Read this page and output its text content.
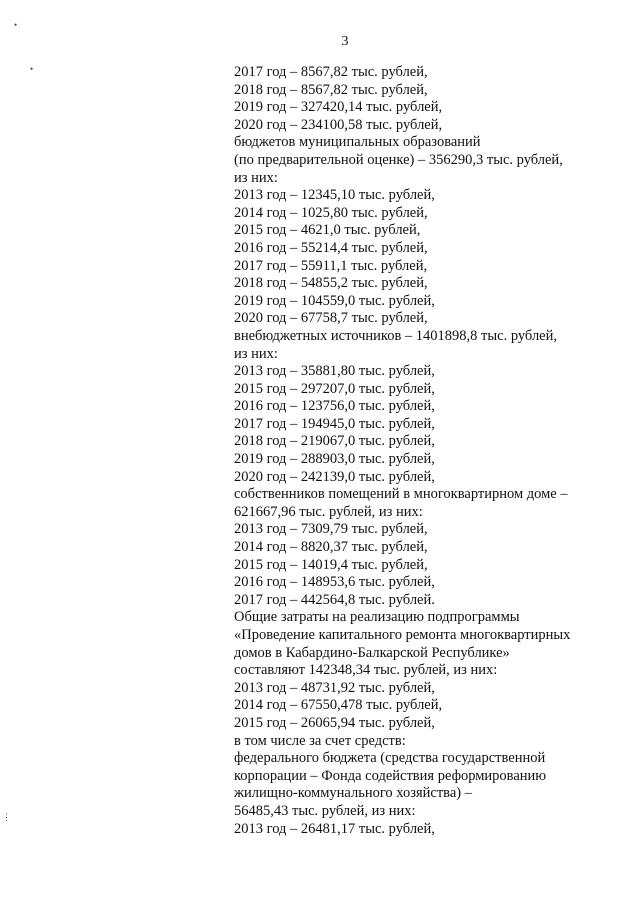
•
•
⋮
3
2017 год – 8567,82 тыс. рублей,
2018 год – 8567,82 тыс. рублей,
2019 год – 327420,14 тыс. рублей,
2020 год – 234100,58 тыс. рублей,
бюджетов муниципальных образований
(по предварительной оценке) – 356290,3 тыс. рублей,
из них:
2013 год – 12345,10 тыс. рублей,
2014 год – 1025,80 тыс. рублей,
2015 год – 4621,0 тыс. рублей,
2016 год – 55214,4 тыс. рублей,
2017 год – 55911,1 тыс. рублей,
2018 год – 54855,2 тыс. рублей,
2019 год – 104559,0 тыс. рублей,
2020 год – 67758,7 тыс. рублей,
внебюджетных источников – 1401898,8 тыс. рублей,
из них:
2013 год – 35881,80 тыс. рублей,
2015 год – 297207,0 тыс. рублей,
2016 год – 123756,0 тыс. рублей,
2017 год – 194945,0 тыс. рублей,
2018 год – 219067,0 тыс. рублей,
2019 год – 288903,0 тыс. рублей,
2020 год – 242139,0 тыс. рублей,
собственников помещений в многоквартирном доме –
621667,96 тыс. рублей, из них:
2013 год – 7309,79 тыс. рублей,
2014 год – 8820,37 тыс. рублей,
2015 год – 14019,4 тыс. рублей,
2016 год – 148953,6 тыс. рублей,
2017 год – 442564,8 тыс. рублей.
Общие затраты на реализацию подпрограммы
«Проведение капитального ремонта многоквартирных
домов в Кабардино-Балкарской Республике»
составляют 142348,34 тыс. рублей, из них:
2013 год – 48731,92 тыс. рублей,
2014 год – 67550,478 тыс. рублей,
2015 год – 26065,94 тыс. рублей,
в том числе за счет средств:
федерального бюджета (средства государственной
корпорации – Фонда содействия реформированию
жилищно-коммунального хозяйства) –
56485,43 тыс. рублей, из них:
2013 год – 26481,17 тыс. рублей,
